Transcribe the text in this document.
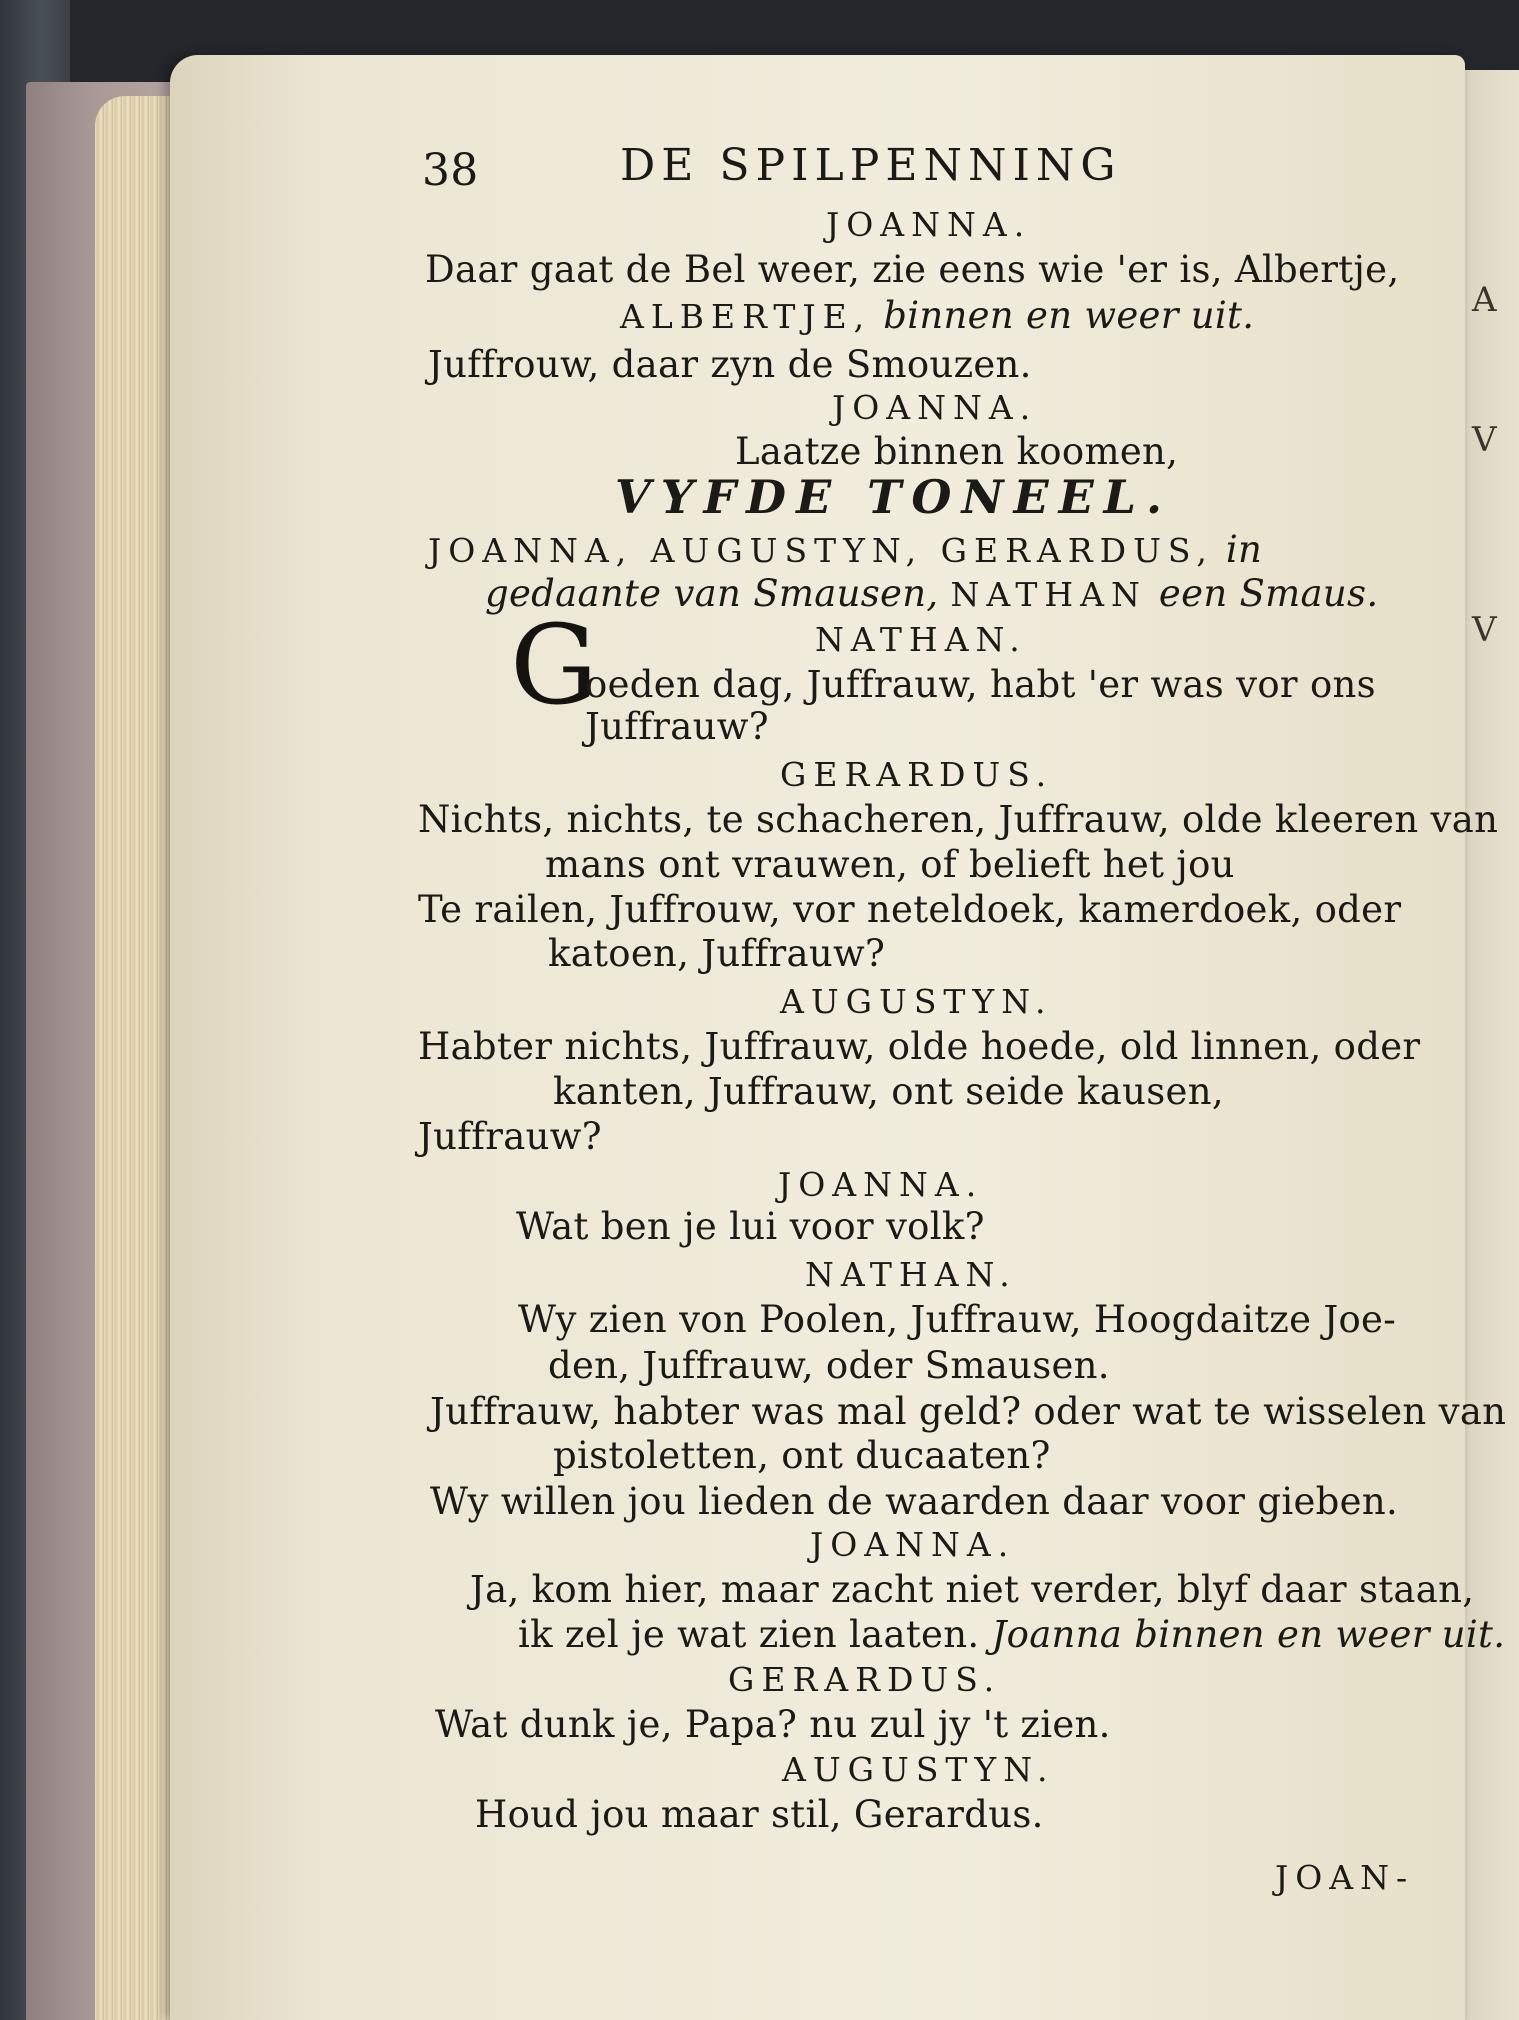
A
V
V
38	DE SPILPENNING
JOANNA.
Daar gaat de Bel weer, zie eens wie 'er is, Albertje,
ALBERTJE, binnen en weer uit.
Juffrouw, daar zyn de Smouzen.
JOANNA.
Laatze binnen koomen,
VYFDE TONEEL.
JOANNA, AUGUSTYN, GERARDUS, in
gedaante van Smausen, NATHAN een Smaus.
NATHAN.
G
oeden dag, Juffrauw, habt 'er was vor ons
Juffrauw?
GERARDUS.
Nichts, nichts, te schacheren, Juffrauw, olde kleeren van
mans ont vrauwen, of belieft het jou
Te railen, Juffrouw, vor neteldoek, kamerdoek, oder
katoen, Juffrauw?
AUGUSTYN.
Habter nichts, Juffrauw, olde hoede, old linnen, oder
kanten, Juffrauw, ont seide kausen,
Juffrauw?
JOANNA.
Wat ben je lui voor volk?
NATHAN.
Wy zien von Poolen, Juffrauw, Hoogdaitze Joe-
den, Juffrauw, oder Smausen.
Juffrauw, habter was mal geld? oder wat te wisselen van
pistoletten, ont ducaaten?
Wy willen jou lieden de waarden daar voor gieben.
JOANNA.
Ja, kom hier, maar zacht niet verder, blyf daar staan,
ik zel je wat zien laaten. Joanna binnen en weer uit.
GERARDUS.
Wat dunk je, Papa? nu zul jy 't zien.
AUGUSTYN.
Houd jou maar stil, Gerardus.
JOAN-
